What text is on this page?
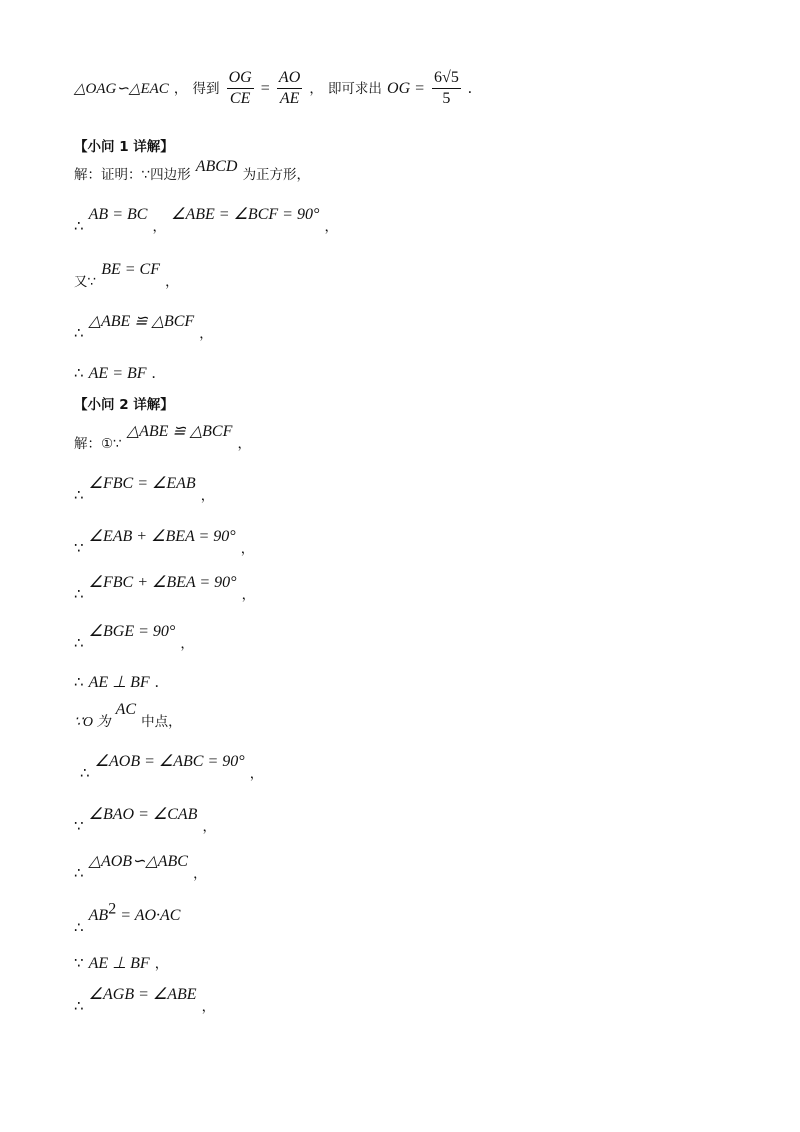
△OAG∽△EAC ， 得到 $\frac{OG}{CE} = \frac{AO}{AE}$ ， 即可求出 OG = $\frac{6√5}{5}$ .
【小问 1 详解】
解：证明：∵四边形 ABCD 为正方形，
∴ AB = BC ， ∠ABE = ∠BCF = 90° ，
又∵ BE = CF ，
∴ △ABE ≌ △BCF ，
∴ AE = BF .
【小问 2 详解】
解：①∵ △ABE ≌ △BCF ，
∴ ∠FBC = ∠EAB ，
∵ ∠EAB + ∠BEA = 90° ，
∴ ∠FBC + ∠BEA = 90° ，
∴ ∠BGE = 90° ，
∴ AE ⊥ BF .
∵O 为 AC 中点，
∴ ∠AOB = ∠ABC = 90° ，
∵ ∠BAO = ∠CAB ，
∴ △AOB∽△ABC ，
∴ $AB^2 = AO\cdot AC$
∵ AE ⊥ BF ，
∴ ∠AGB = ∠ABE ，
